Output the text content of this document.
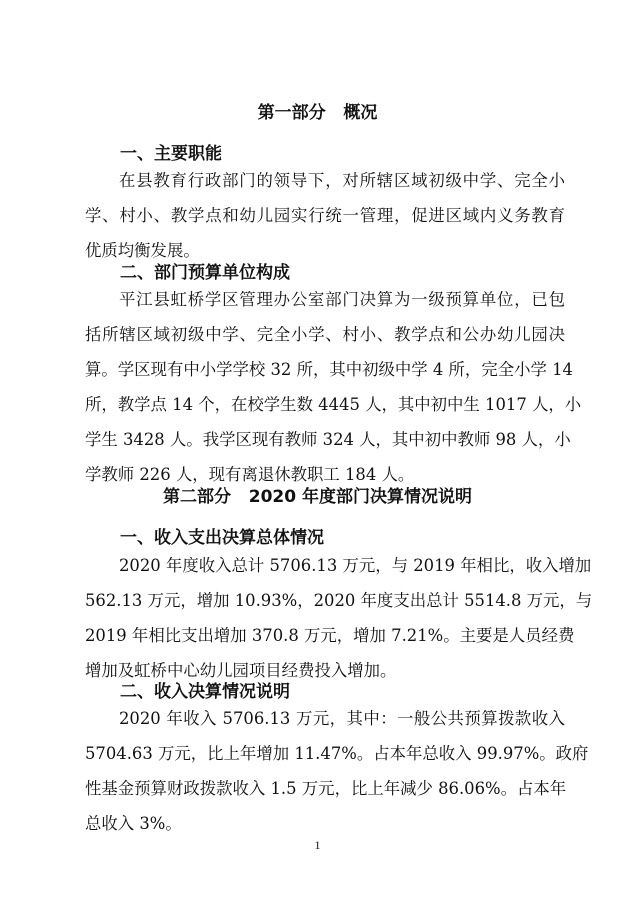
第一部分   概况
一、主要职能
在县教育行政部门的领导下，对所辖区域初级中学、完全小
学、村小、教学点和幼儿园实行统一管理，促进区域内义务教育
优质均衡发展。
二、部门预算单位构成
平江县虹桥学区管理办公室部门决算为一级预算单位，已包
括所辖区域初级中学、完全小学、村小、教学点和公办幼儿园决
算。学区现有中小学学校 32 所，其中初级中学 4 所，完全小学 14
所，教学点 14 个，在校学生数 4445 人，其中初中生 1017 人，小
学生 3428 人。我学区现有教师 324 人，其中初中教师 98 人，小
学教师 226 人，现有离退休教职工 184 人。
第二部分   2020 年度部门决算情况说明
一、收入支出决算总体情况
2020 年度收入总计 5706.13 万元，与 2019 年相比，收入增加
562.13 万元，增加 10.93%，2020 年度支出总计 5514.8 万元，与
2019 年相比支出增加 370.8 万元，增加 7.21%。主要是人员经费
增加及虹桥中心幼儿园项目经费投入增加。
二、收入决算情况说明
2020 年收入 5706.13 万元，其中：一般公共预算拨款收入
5704.63 万元，比上年增加 11.47%。占本年总收入 99.97%。政府
性基金预算财政拨款收入 1.5 万元，比上年减少 86.06%。占本年
总收入 3%。
1
